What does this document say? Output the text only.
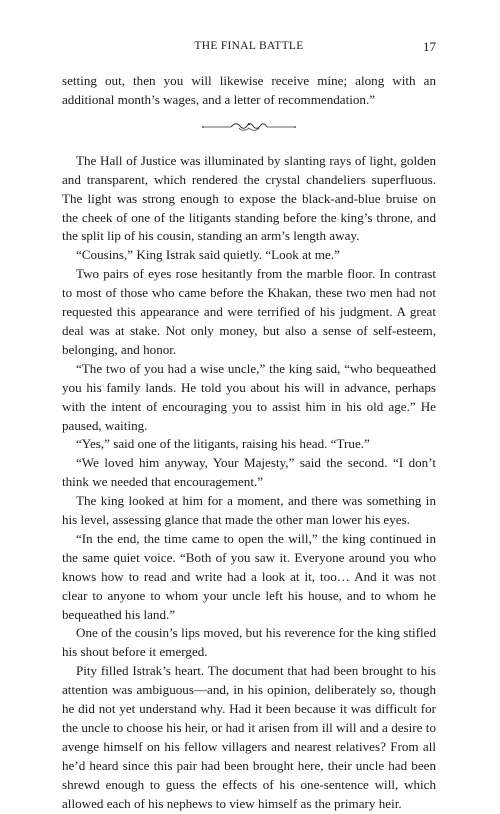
THE FINAL BATTLE	17

setting out, then you will likewise receive mine; along with an additional month’s wages, and a letter of recommendation.”

The Hall of Justice was illuminated by slanting rays of light, golden and transparent, which rendered the crystal chandeliers superfluous. The light was strong enough to expose the black-and-blue bruise on the cheek of one of the litigants standing before the king’s throne, and the split lip of his cousin, standing an arm’s length away.

“Cousins,” King Istrak said quietly. “Look at me.”

Two pairs of eyes rose hesitantly from the marble floor. In contrast to most of those who came before the Khakan, these two men had not requested this appearance and were terrified of his judgment. A great deal was at stake. Not only money, but also a sense of self-esteem, belonging, and honor.

“The two of you had a wise uncle,” the king said, “who bequeathed you his family lands. He told you about his will in advance, perhaps with the intent of encouraging you to assist him in his old age.” He paused, waiting.

“Yes,” said one of the litigants, raising his head. “True.”

“We loved him anyway, Your Majesty,” said the second. “I don’t think we needed that encouragement.”

The king looked at him for a moment, and there was something in his level, assessing glance that made the other man lower his eyes.

“In the end, the time came to open the will,” the king continued in the same quiet voice. “Both of you saw it. Everyone around you who knows how to read and write had a look at it, too… And it was not clear to anyone to whom your uncle left his house, and to whom he bequeathed his land.”

One of the cousin’s lips moved, but his reverence for the king stifled his shout before it emerged.

Pity filled Istrak’s heart. The document that had been brought to his attention was ambiguous—and, in his opinion, deliberately so, though he did not yet understand why. Had it been because it was difficult for the uncle to choose his heir, or had it arisen from ill will and a desire to avenge himself on his fellow villagers and nearest relatives? From all he’d heard since this pair had been brought here, their uncle had been shrewd enough to guess the effects of his one-sentence will, which allowed each of his nephews to view himself as the primary heir.
